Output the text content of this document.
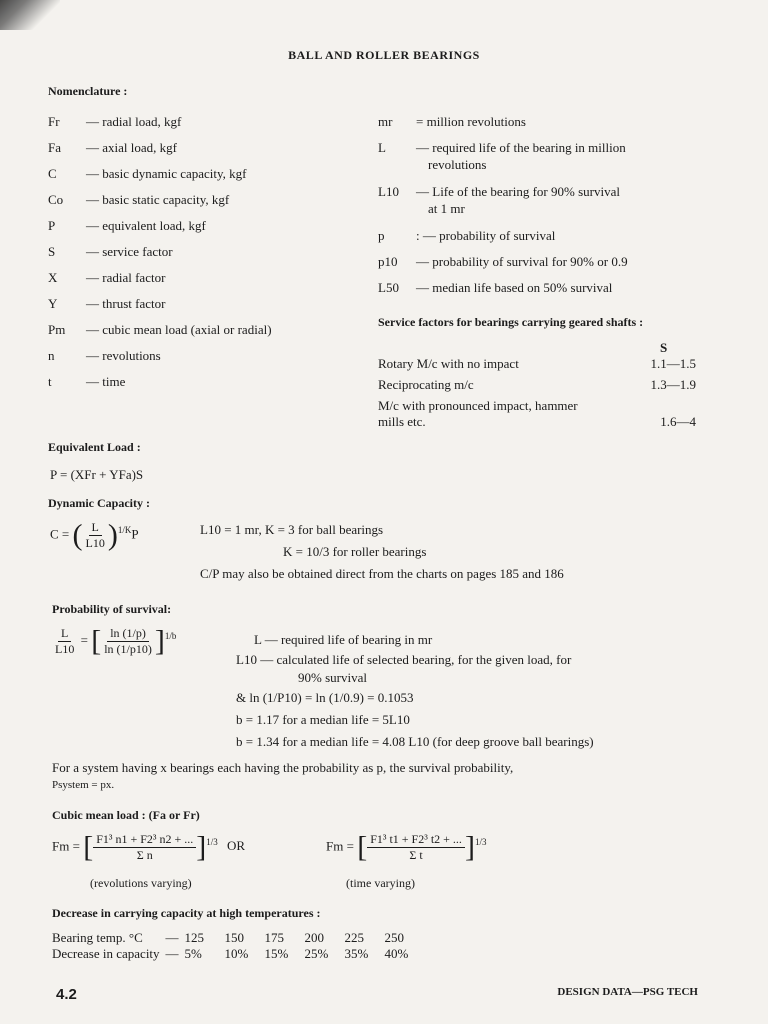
BALL AND ROLLER BEARINGS
Nomenclature :
Fr — radial load, kgf
Fa — axial load, kgf
C — basic dynamic capacity, kgf
Co — basic static capacity, kgf
P — equivalent load, kgf
S — service factor
X — radial factor
Y — thrust factor
Pm — cubic mean load (axial or radial)
n — revolutions
t	— time
mr = million revolutions
L — required life of the bearing in million
revolutions
L10 — Life of the bearing for 90% survival
at 1 mr
p : — probability of survival
p10 — probability of survival for 90% or 0.9
L50 — median life based on 50% survival
Service factors for bearings carrying geared shafts :
S
Rotary M/c with no impact	1.1—1.5
Reciprocating m/c	1.3—1.9
M/c with pronounced impact, hammer
mills etc.	1.6—4
Equivalent Load :
P = (XFr + YFa)S
Dynamic Capacity :
C = ( $\frac{L}{L10} )^{1/K}P$	L10 = 1 mr, K = 3 for ball bearings
K = 10/3 for roller bearings
C/P may also be obtained direct from the charts on pages 185 and 186
Probability of survival:
$\frac{L}{L10}$ = [ $\frac{\ln (1/p)}{\ln (1/p10)} ]^{1/b}$	L — required life of bearing in mr
L10 — calculated life of selected bearing, for the given load, for
90% survival
& ln (1/P10) = ln (1/0.9) = 0.1053
b = 1.17 for a median life = 5L10
b = 1.34 for a median life = 4.08 L10 (for deep groove ball bearings)
For a system having x bearings each having the probability as p, the survival probability,
Psystem = px.
Cubic mean load : (Fa or Fr)
Fm = [ $\frac{\text{F1³ n1 + F2³ n2 + ...}}{\text{Σ n}} ]^{1/3}$ OR	Fm = [ $\frac{\text{F1³ t1 + F2³ t2 + ...}}{\text{Σ t}} ]^{1/3}$
(revolutions varying)	(time varying)
Decrease in carrying capacity at high temperatures :
Bearing temp. °C	—	125	150	175	200	225	250
Decrease in capacity	—	5%	10%	15%	25%	35%	40%
4.2	DESIGN DATA—PSG TECH
